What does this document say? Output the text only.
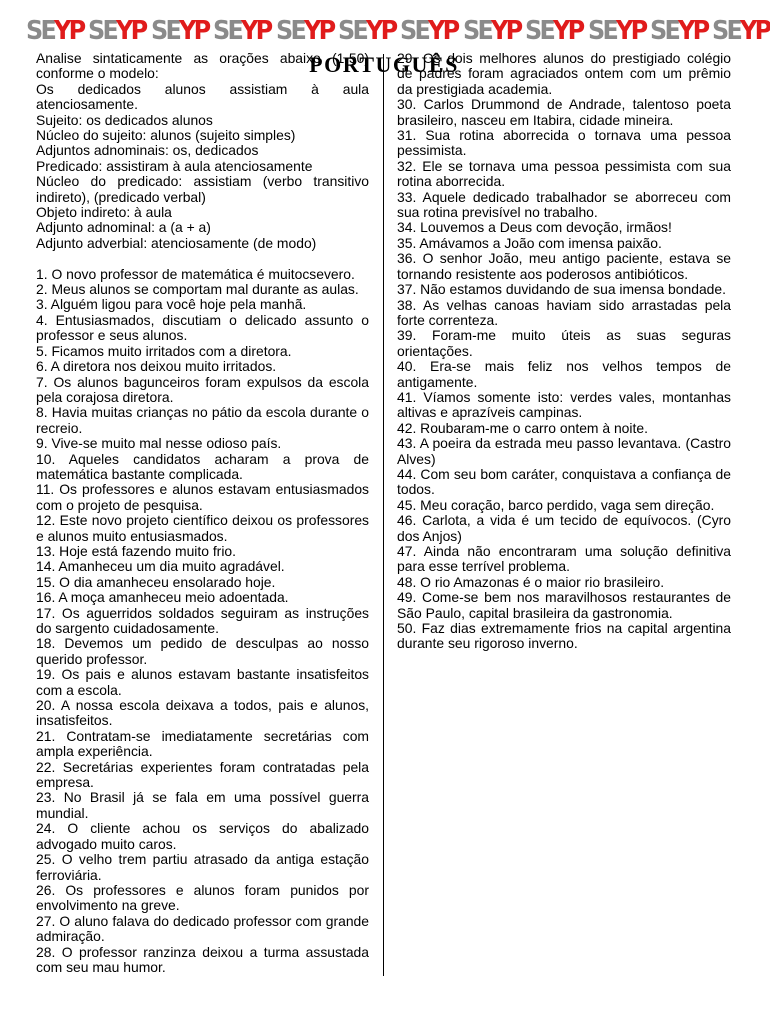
SEYP SEYP SEYP SEYP SEYP SEYP SEYP SEYP SEYP SEYP SEYP SEYP
PORTUGUÊS

Analise sintaticamente as orações abaixo (1-50) conforme o modelo:

Os dedicados alunos assistiam à aula atenciosamente.

Sujeito: os dedicados alunos

Núcleo do sujeito: alunos (sujeito simples)

Adjuntos adnominais: os, dedicados

Predicado: assistiram à aula atenciosamente

Núcleo do predicado: assistiam (verbo transitivo indireto), (predicado verbal)

Objeto indireto: à aula

Adjunto adnominal: a (a + a)

Adjunto adverbial: atenciosamente (de modo)

1. O novo professor de matemática é muitocsevero.

2. Meus alunos se comportam mal durante as aulas.

3. Alguém ligou para você hoje pela manhã.

4. Entusiasmados, discutiam o delicado assunto o professor e seus alunos.

5. Ficamos muito irritados com a diretora.

6. A diretora nos deixou muito irritados.

7. Os alunos bagunceiros foram expulsos da escola pela corajosa diretora.

8. Havia muitas crianças no pátio da escola durante o recreio.

9. Vive-se muito mal nesse odioso país.

10. Aqueles candidatos acharam a prova de matemática bastante complicada.

11. Os professores e alunos estavam entusiasmados com o projeto de pesquisa.

12. Este novo projeto científico deixou os professores e alunos muito entusiasmados.

13. Hoje está fazendo muito frio.

14. Amanheceu um dia muito agradável.

15. O dia amanheceu ensolarado hoje.

16. A moça amanheceu meio adoentada.

17. Os aguerridos soldados seguiram as instruções do sargento cuidadosamente.

18. Devemos um pedido de desculpas ao nosso querido professor.

19. Os pais e alunos estavam bastante insatisfeitos com a escola.

20. A nossa escola deixava a todos, pais e alunos, insatisfeitos.

21. Contratam-se imediatamente secretárias com ampla experiência.

22. Secretárias experientes foram contratadas pela empresa.

23. No Brasil já se fala em uma possível guerra mundial.

24. O cliente achou os serviços do abalizado advogado muito caros.

25. O velho trem partiu atrasado da antiga estação ferroviária.

26. Os professores e alunos foram punidos por envolvimento na greve.

27. O aluno falava do dedicado professor com grande admiração.

28. O professor ranzinza deixou a turma assustada com seu mau humor.

29. Os dois melhores alunos do prestigiado colégio de padres foram agraciados ontem com um prêmio da prestigiada academia.

30. Carlos Drummond de Andrade, talentoso poeta brasileiro, nasceu em Itabira, cidade mineira.

31. Sua rotina aborrecida o tornava uma pessoa pessimista.

32. Ele se tornava uma pessoa pessimista com sua rotina aborrecida.

33. Aquele dedicado trabalhador se aborreceu com sua rotina previsível no trabalho.

34. Louvemos a Deus com devoção, irmãos!

35. Amávamos a João com imensa paixão.

36. O senhor João, meu antigo paciente, estava se tornando resistente aos poderosos antibióticos.

37. Não estamos duvidando de sua imensa bondade.

38. As velhas canoas haviam sido arrastadas pela forte correnteza.

39. Foram-me muito úteis as suas seguras orientações.

40. Era-se mais feliz nos velhos tempos de antigamente.

41. Víamos somente isto: verdes vales, montanhas altivas e aprazíveis campinas.

42. Roubaram-me o carro ontem à noite.

43. A poeira da estrada meu passo levantava. (Castro Alves)

44. Com seu bom caráter, conquistava a confiança de todos.

45. Meu coração, barco perdido, vaga sem direção.

46. Carlota, a vida é um tecido de equívocos. (Cyro dos Anjos)

47. Ainda não encontraram uma solução definitiva para esse terrível problema.

48. O rio Amazonas é o maior rio brasileiro.

49. Come-se bem nos maravilhosos restaurantes de São Paulo, capital brasileira da gastronomia.

50. Faz dias extremamente frios na capital argentina durante seu rigoroso inverno.
